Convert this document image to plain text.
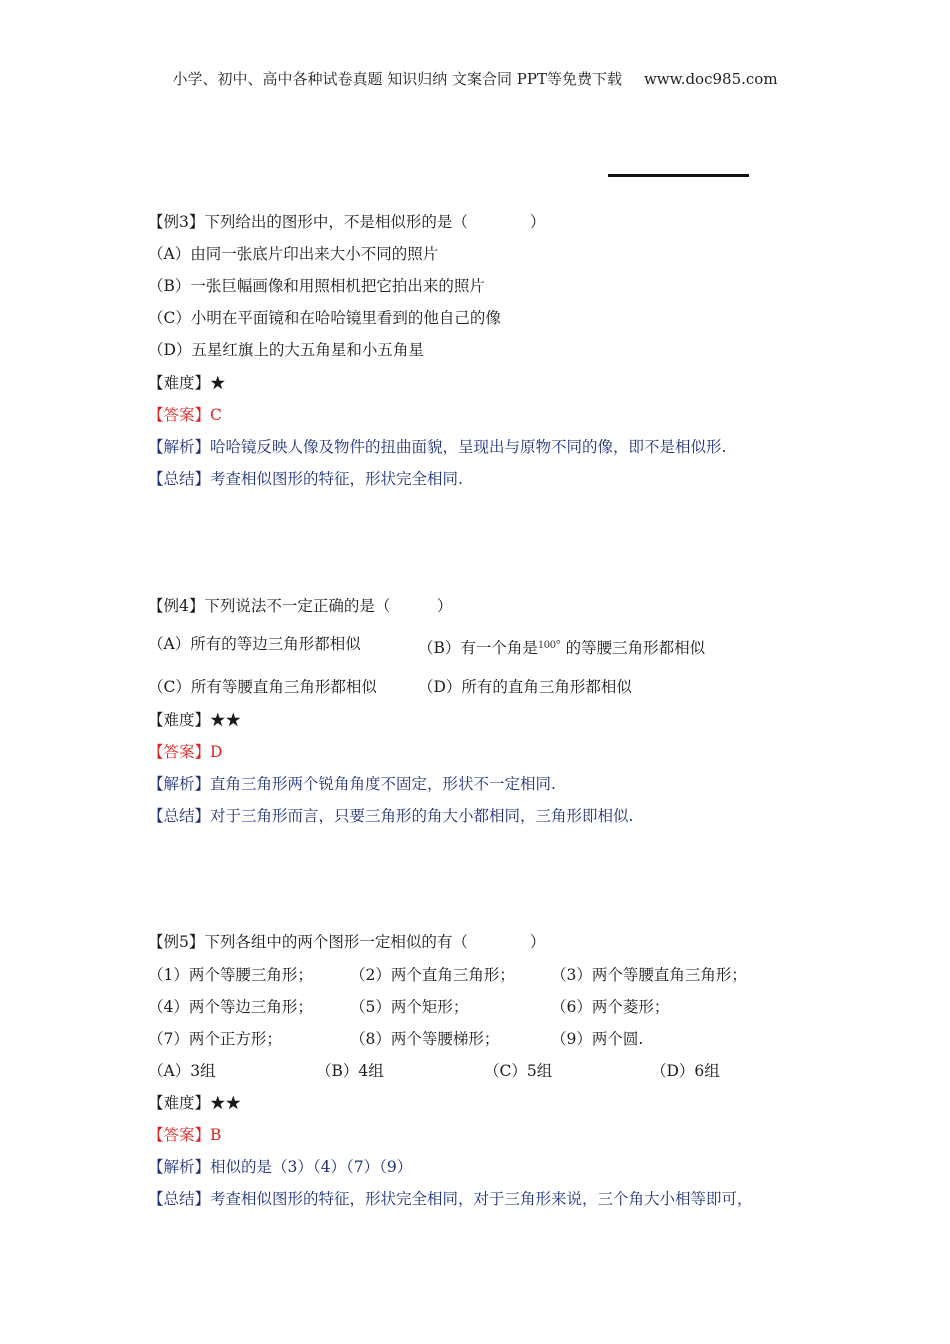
小学、初中、高中各种试卷真题 知识归纳 文案合同 PPT等免费下载 www.doc985.com
【例3】下列给出的图形中，不是相似形的是（　　　　）
（A）由同一张底片印出来大小不同的照片
（B）一张巨幅画像和用照相机把它拍出来的照片
（C）小明在平面镜和在哈哈镜里看到的他自己的像
（D）五星红旗上的大五角星和小五角星
【难度】★
【答案】C
【解析】哈哈镜反映人像及物件的扭曲面貌，呈现出与原物不同的像，即不是相似形.
【总结】考查相似图形的特征，形状完全相同.
【例4】下列说法不一定正确的是（　　　）
（A）所有的等边三角形都相似	（B）有一个角是$^{100^\circ}$ 的等腰三角形都相似
（C）所有等腰直角三角形都相似	（D）所有的直角三角形都相似
【难度】★★
【答案】D
【解析】直角三角形两个锐角角度不固定，形状不一定相同.
【总结】对于三角形而言，只要三角形的角大小都相同，三角形即相似.
【例5】下列各组中的两个图形一定相似的有（　　　　）
（1）两个等腰三角形； （2）两个直角三角形； （3）两个等腰直角三角形；
（4）两个等边三角形； （5）两个矩形；	（6）两个菱形；
（7）两个正方形；	（8）两个等腰梯形；	（9）两个圆.
（A）3组	（B）4组	（C）5组	（D）6组
【难度】★★
【答案】B
【解析】相似的是（3）（4）（7）（9）
【总结】考查相似图形的特征，形状完全相同，对于三角形来说，三个角大小相等即可，
